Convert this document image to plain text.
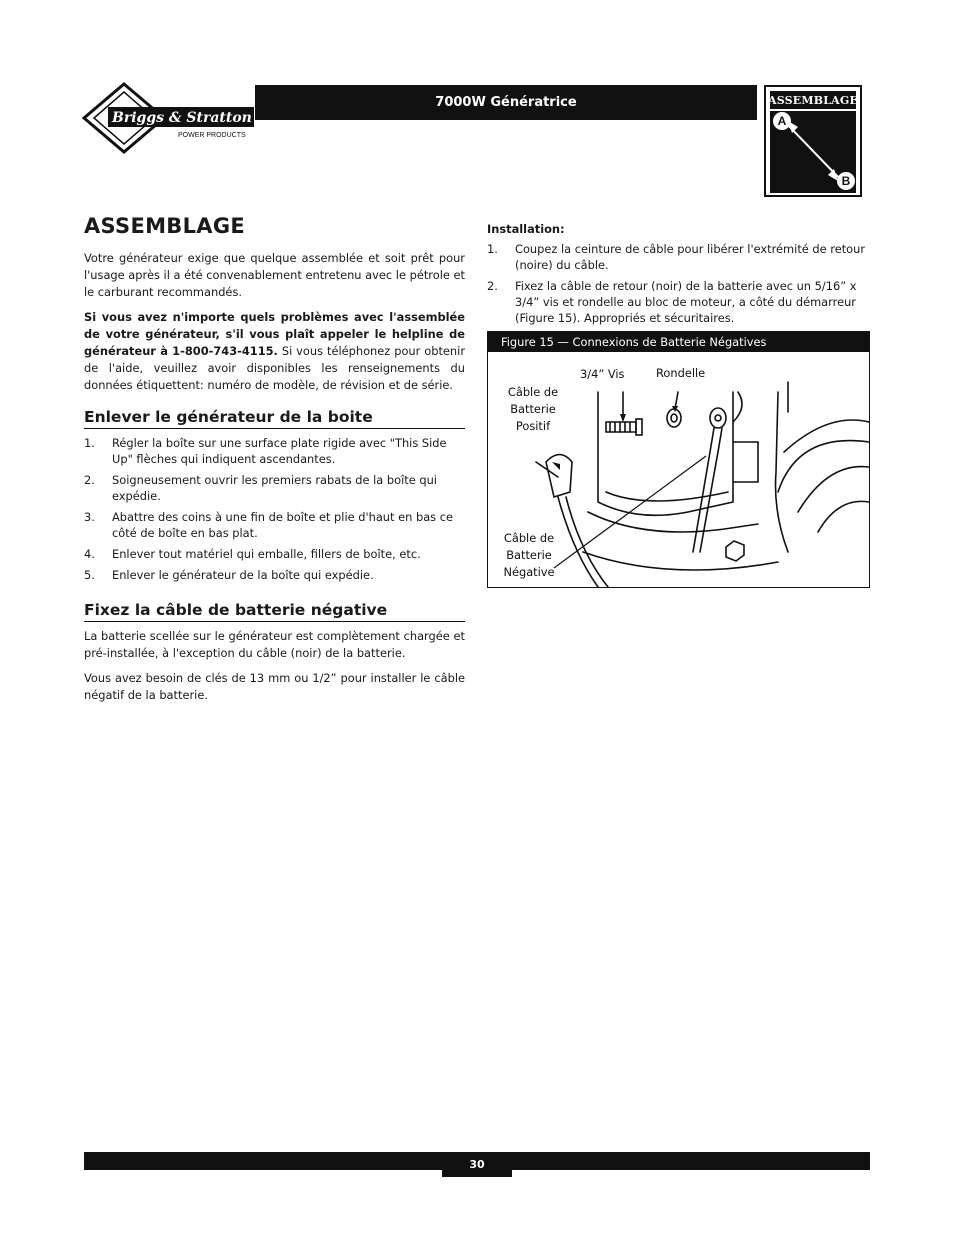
Briggs & Stratton
POWER PRODUCTS
7000W Génératrice	ASSEMBLAGE
A
B
ASSEMBLAGE

Votre générateur exige que quelque assemblée et soit prêt pour l'usage après il a été convenablement entretenu avec le pétrole et le carburant recommandés.

Si vous avez n'importe quels problèmes avec l'assemblée de votre générateur, s'il vous plaît appeler le helpline de générateur à 1-800-743-4115. Si vous téléphonez pour obtenir de l'aide, veuillez avoir disponibles les renseignements du données étiquettent: numéro de modèle, de révision et de série.

Enlever le générateur de la boite
1. Régler la boîte sur une surface plate rigide avec "This Side Up" flèches qui indiquent ascendantes.
2. Soigneusement ouvrir les premiers rabats de la boîte qui expédie.
3. Abattre des coins à une fin de boîte et plie d'haut en bas ce côté de boîte en bas plat.
4. Enlever tout matériel qui emballe, fillers de boîte, etc.
5. Enlever le générateur de la boîte qui expédie.
Fixez la câble de batterie négative

La batterie scellée sur le générateur est complètement chargée et pré-installée, à l'exception du câble (noir) de la batterie.

Vous avez besoin de clés de 13 mm ou 1/2” pour installer le câble négatif de la batterie.

Installation:
1. Coupez la ceinture de câble pour libérer l'extrémité de retour (noire) du câble.
2. Fixez la câble de retour (noir) de la batterie avec un 5/16” x 3/4” vis et rondelle au bloc de moteur, a côté du démarreur (Figure 15). Appropriés et sécuritaires.
Figure 15 — Connexions de Batterie Négatives
Câble de
Batterie
Positif
3/4” Vis	Rondelle
Câble de
Batterie
Négative
30
